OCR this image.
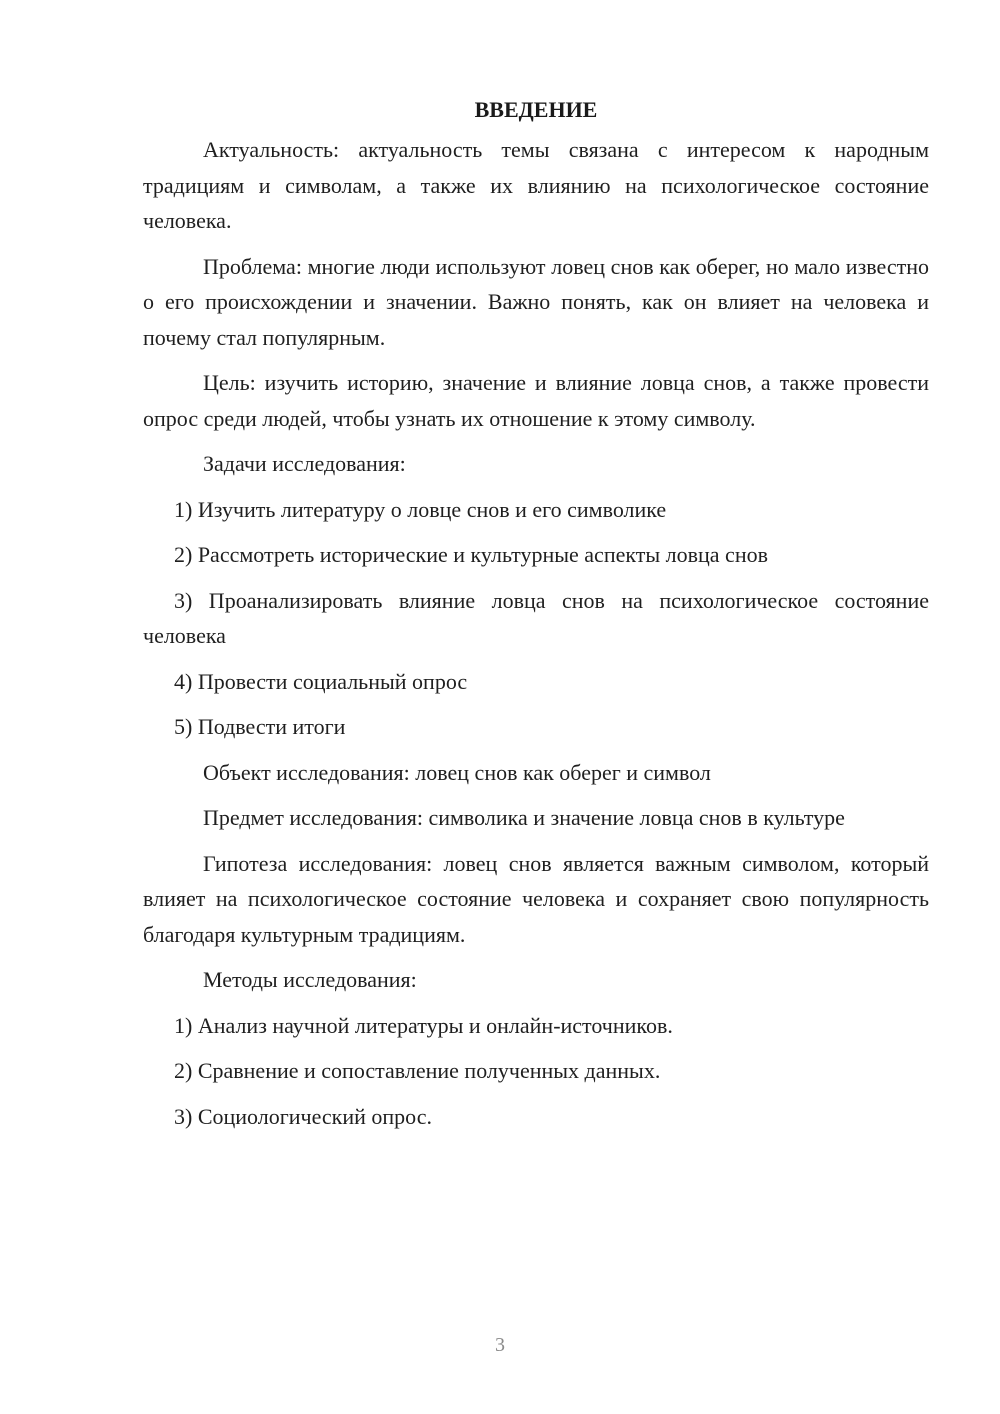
ВВЕДЕНИЕ

Актуальность: актуальность темы связана с интересом к народным традициям и символам, а также их влиянию на психологическое состояние человека.

Проблема: многие люди используют ловец снов как оберег, но мало известно о его происхождении и значении. Важно понять, как он влияет на человека и почему стал популярным.

Цель: изучить историю, значение и влияние ловца снов, а также провести опрос среди людей, чтобы узнать их отношение к этому символу.

Задачи исследования:

1) Изучить литературу о ловце снов и его символике

2) Рассмотреть исторические и культурные аспекты ловца снов

3) Проанализировать влияние ловца снов на психологическое состояние человека

4) Провести социальный опрос

5) Подвести итоги

Объект исследования: ловец снов как оберег и символ

Предмет исследования: символика и значение ловца снов в культуре

Гипотеза исследования: ловец снов является важным символом, который влияет на психологическое состояние человека и сохраняет свою популярность благодаря культурным традициям.

Методы исследования:

1) Анализ научной литературы и онлайн-источников.

2) Сравнение и сопоставление полученных данных.

3) Социологический опрос.

3
